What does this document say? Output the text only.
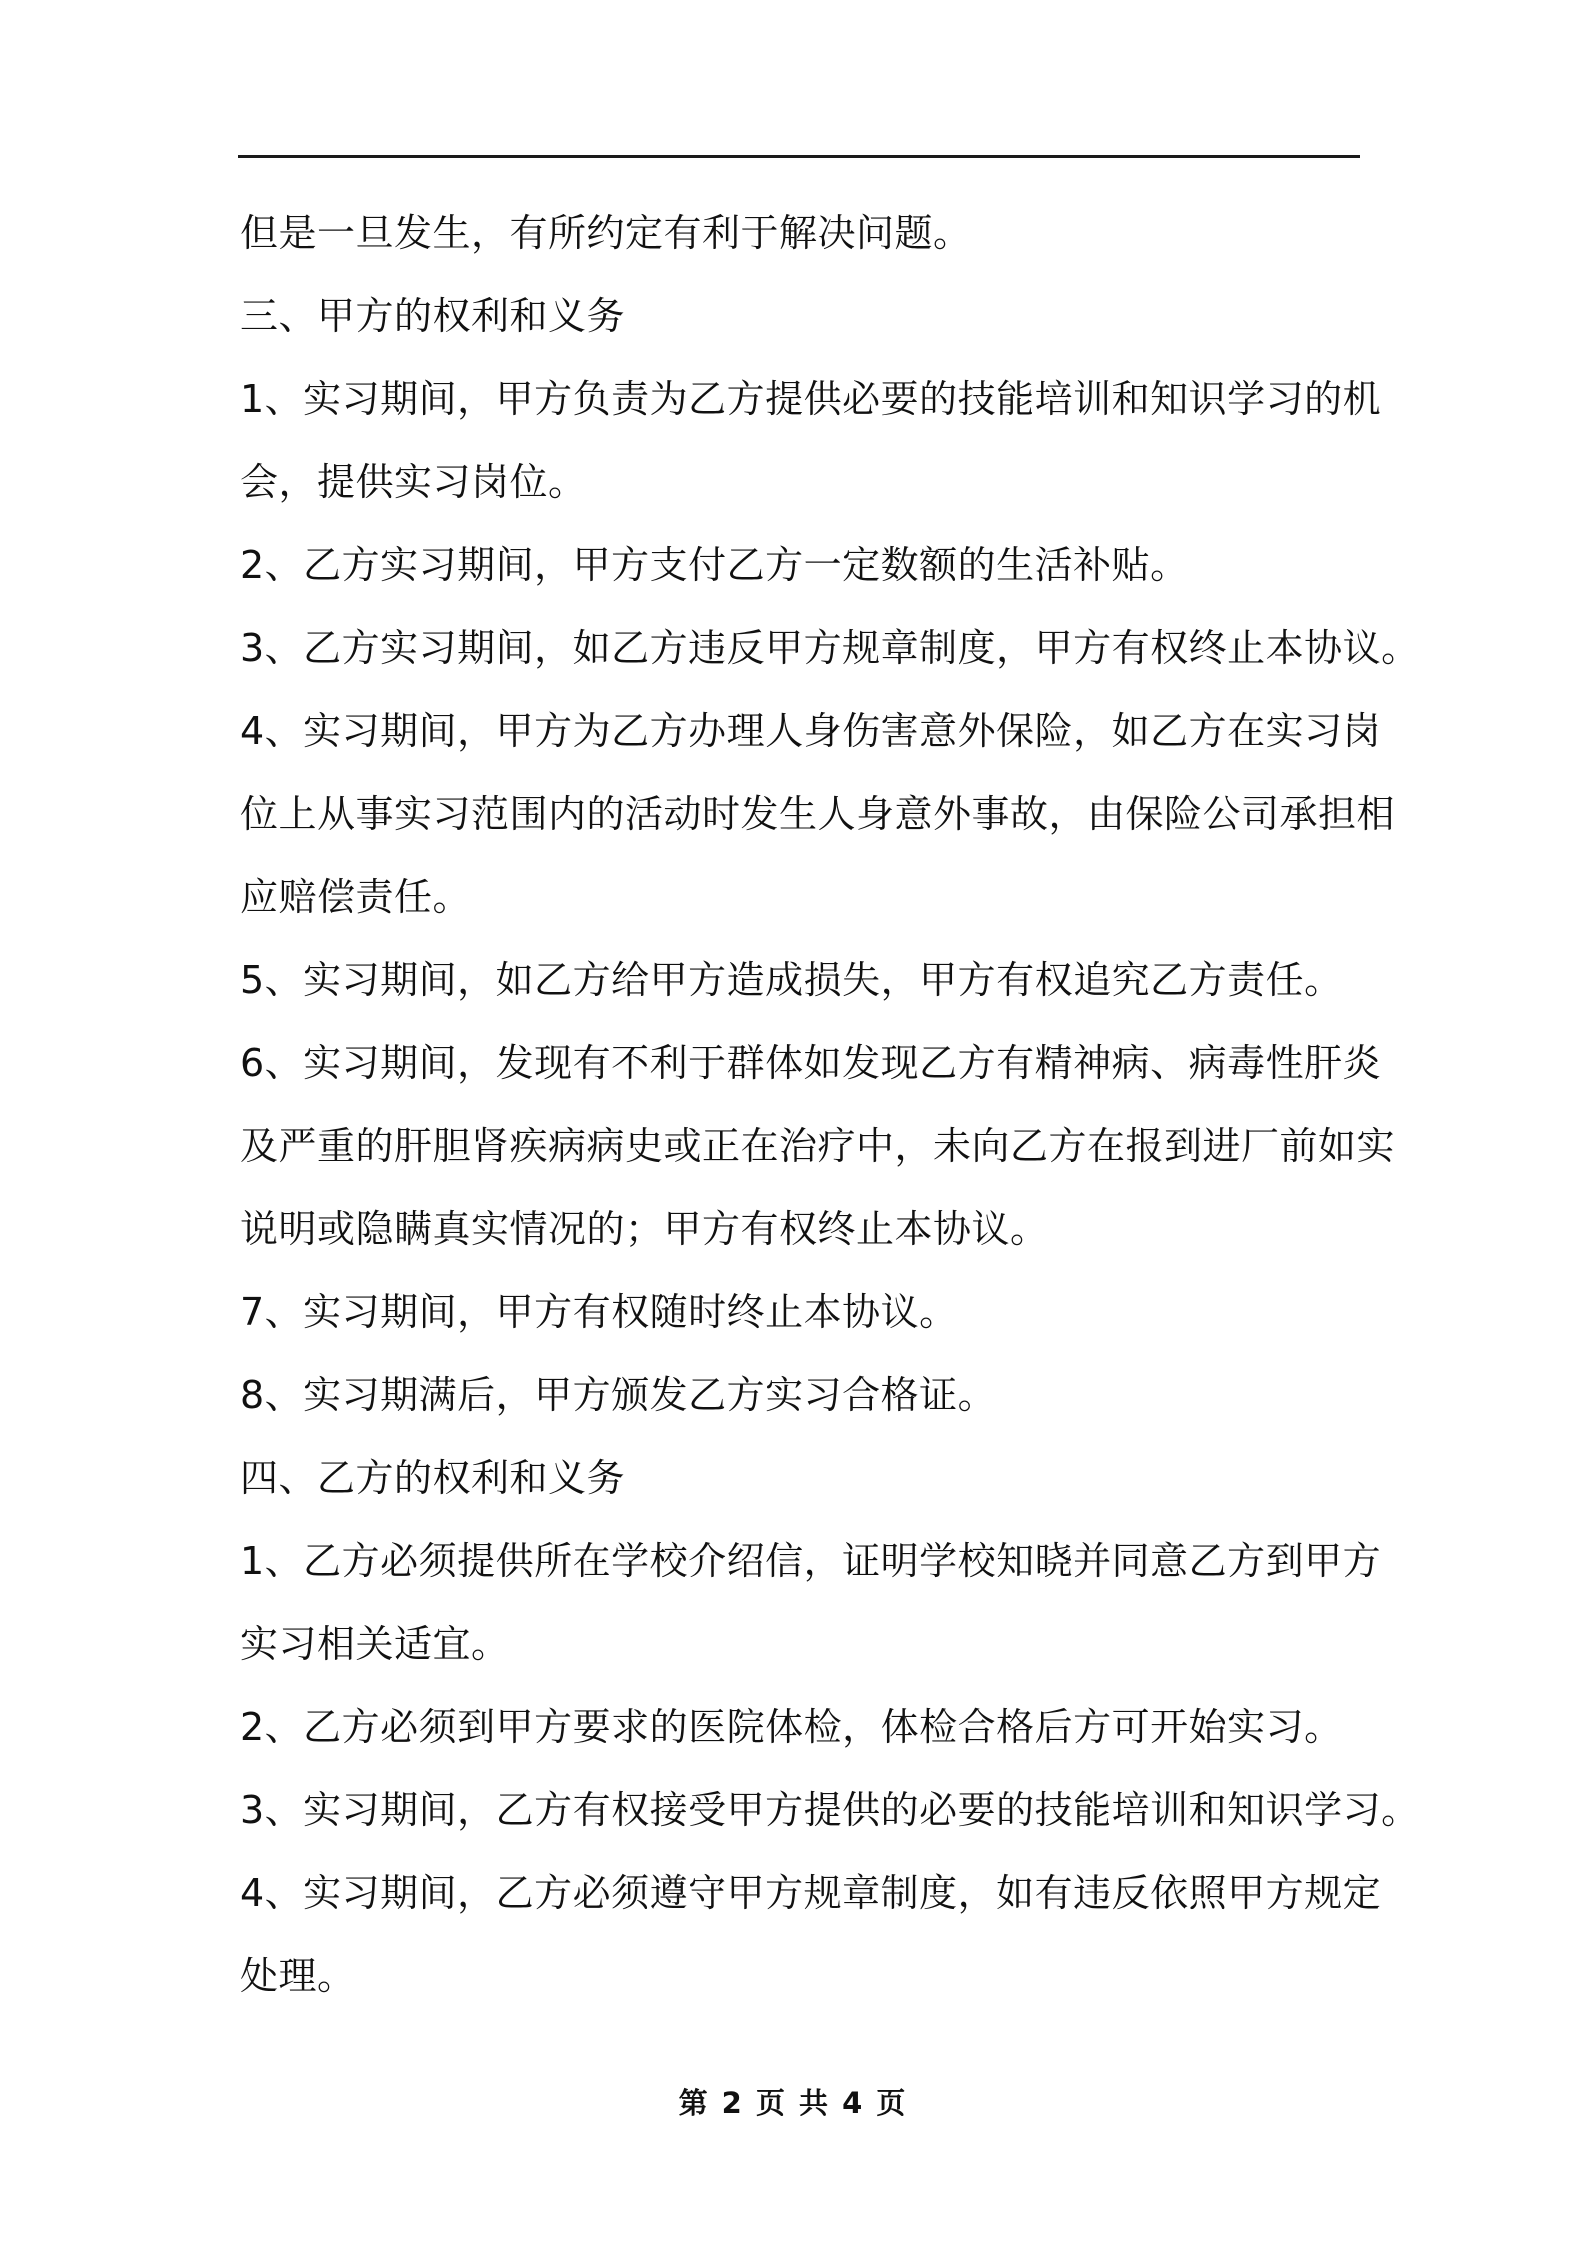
但是一旦发生，有所约定有利于解决问题。
三、甲方的权利和义务
1、实习期间，甲方负责为乙方提供必要的技能培训和知识学习的机
会，提供实习岗位。
2、乙方实习期间，甲方支付乙方一定数额的生活补贴。
3、乙方实习期间，如乙方违反甲方规章制度，甲方有权终止本协议。
4、实习期间，甲方为乙方办理人身伤害意外保险，如乙方在实习岗
位上从事实习范围内的活动时发生人身意外事故，由保险公司承担相
应赔偿责任。
5、实习期间，如乙方给甲方造成损失，甲方有权追究乙方责任。
6、实习期间，发现有不利于群体如发现乙方有精神病、病毒性肝炎
及严重的肝胆肾疾病病史或正在治疗中，未向乙方在报到进厂前如实
说明或隐瞒真实情况的；甲方有权终止本协议。
7、实习期间，甲方有权随时终止本协议。
8、实习期满后，甲方颁发乙方实习合格证。
四、乙方的权利和义务
1、乙方必须提供所在学校介绍信，证明学校知晓并同意乙方到甲方
实习相关适宜。
2、乙方必须到甲方要求的医院体检，体检合格后方可开始实习。
3、实习期间，乙方有权接受甲方提供的必要的技能培训和知识学习。
4、实习期间，乙方必须遵守甲方规章制度，如有违反依照甲方规定
处理。
第 2 页 共 4 页
